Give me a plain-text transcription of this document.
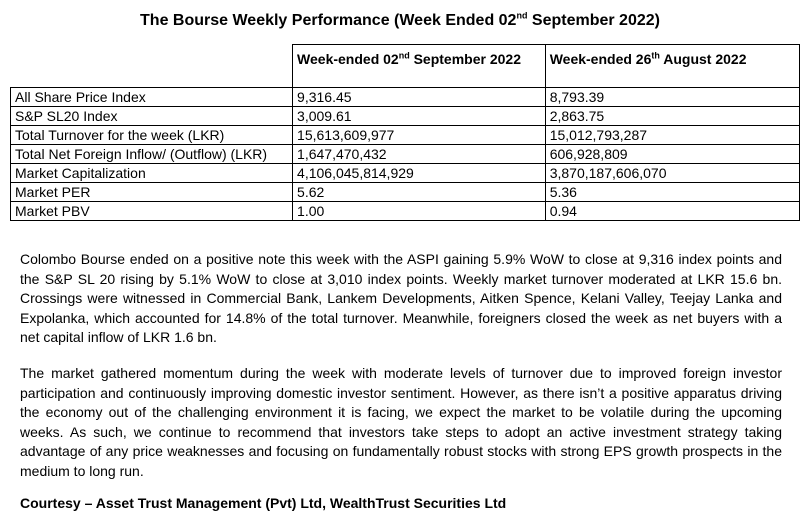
The Bourse Weekly Performance (Week Ended 02nd September 2022)
	Week-ended 02nd September 2022	Week-ended 26th August 2022
All Share Price Index	9,316.45	8,793.39
S&P SL20 Index	3,009.61	2,863.75
Total Turnover for the week (LKR)	15,613,609,977	15,012,793,287
Total Net Foreign Inflow/ (Outflow) (LKR)	1,647,470,432	606,928,809
Market Capitalization	4,106,045,814,929	3,870,187,606,070
Market PER	5.62	5.36
Market PBV	1.00	0.94

Colombo Bourse ended on a positive note this week with the ASPI gaining 5.9% WoW to close at 9,316 index points and the S&P SL 20 rising by 5.1% WoW to close at 3,010 index points. Weekly market turnover moderated at LKR 15.6 bn. Crossings were witnessed in Commercial Bank, Lankem Developments, Aitken Spence, Kelani Valley, Teejay Lanka and Expolanka, which accounted for 14.8% of the total turnover. Meanwhile, foreigners closed the week as net buyers with a net capital inflow of LKR 1.6 bn.

The market gathered momentum during the week with moderate levels of turnover due to improved foreign investor participation and continuously improving domestic investor sentiment. However, as there isn’t a positive apparatus driving the economy out of the challenging environment it is facing, we expect the market to be volatile during the upcoming weeks. As such, we continue to recommend that investors take steps to adopt an active investment strategy taking advantage of any price weaknesses and focusing on fundamentally robust stocks with strong EPS growth prospects in the medium to long run.

Courtesy – Asset Trust Management (Pvt) Ltd, WealthTrust Securities Ltd
